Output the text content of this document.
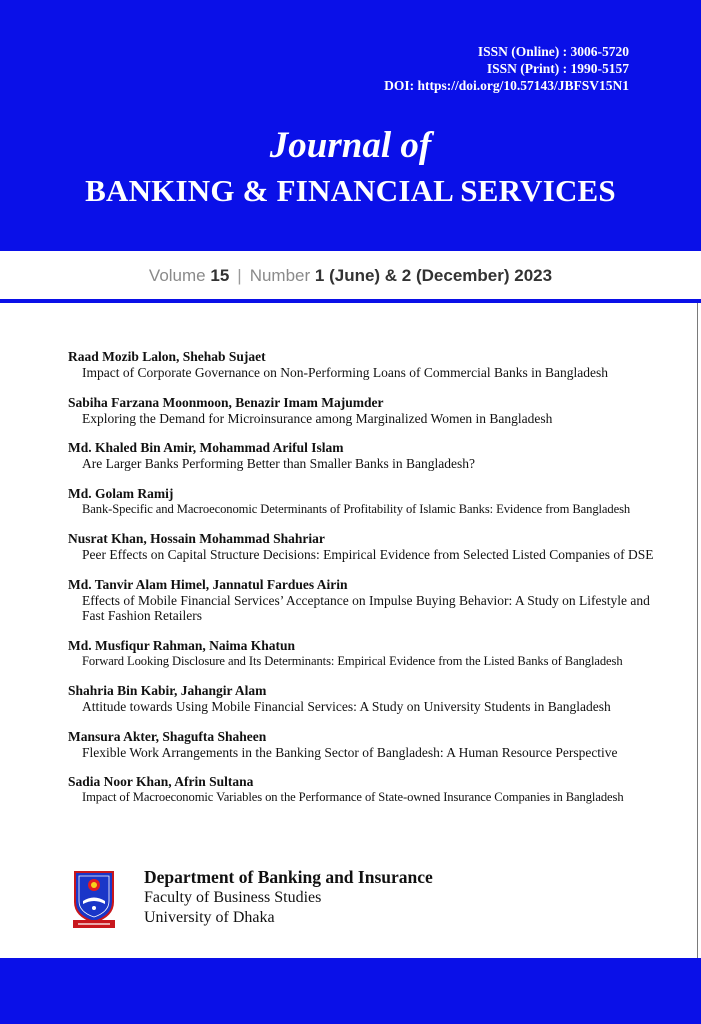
ISSN (Online) : 3006-5720
ISSN (Print) : 1990-5157
DOI: https://doi.org/10.57143/JBFSV15N1
Journal of
BANKING & FINANCIAL SERVICES
Volume 15 | Number 1 (June) & 2 (December) 2023
Raad Mozib Lalon, Shehab Sujaet
Impact of Corporate Governance on Non-Performing Loans of Commercial Banks in Bangladesh
Sabiha Farzana Moonmoon, Benazir Imam Majumder
Exploring the Demand for Microinsurance among Marginalized Women in Bangladesh
Md. Khaled Bin Amir, Mohammad Ariful Islam
Are Larger Banks Performing Better than Smaller Banks in Bangladesh?
Md. Golam Ramij
Bank-Specific and Macroeconomic Determinants of Profitability of Islamic Banks: Evidence from Bangladesh
Nusrat Khan, Hossain Mohammad Shahriar
Peer Effects on Capital Structure Decisions: Empirical Evidence from Selected Listed Companies of DSE
Md. Tanvir Alam Himel, Jannatul Fardues Airin
Effects of Mobile Financial Services’ Acceptance on Impulse Buying Behavior: A Study on Lifestyle and Fast Fashion Retailers
Md. Musfiqur Rahman, Naima Khatun
Forward Looking Disclosure and Its Determinants: Empirical Evidence from the Listed Banks of Bangladesh
Shahria Bin Kabir, Jahangir Alam
Attitude towards Using Mobile Financial Services: A Study on University Students in Bangladesh
Mansura Akter, Shagufta Shaheen
Flexible Work Arrangements in the Banking Sector of Bangladesh: A Human Resource Perspective
Sadia Noor Khan, Afrin Sultana
Impact of Macroeconomic Variables on the Performance of State-owned Insurance Companies in Bangladesh
Department of Banking and Insurance
Faculty of Business Studies
University of Dhaka
